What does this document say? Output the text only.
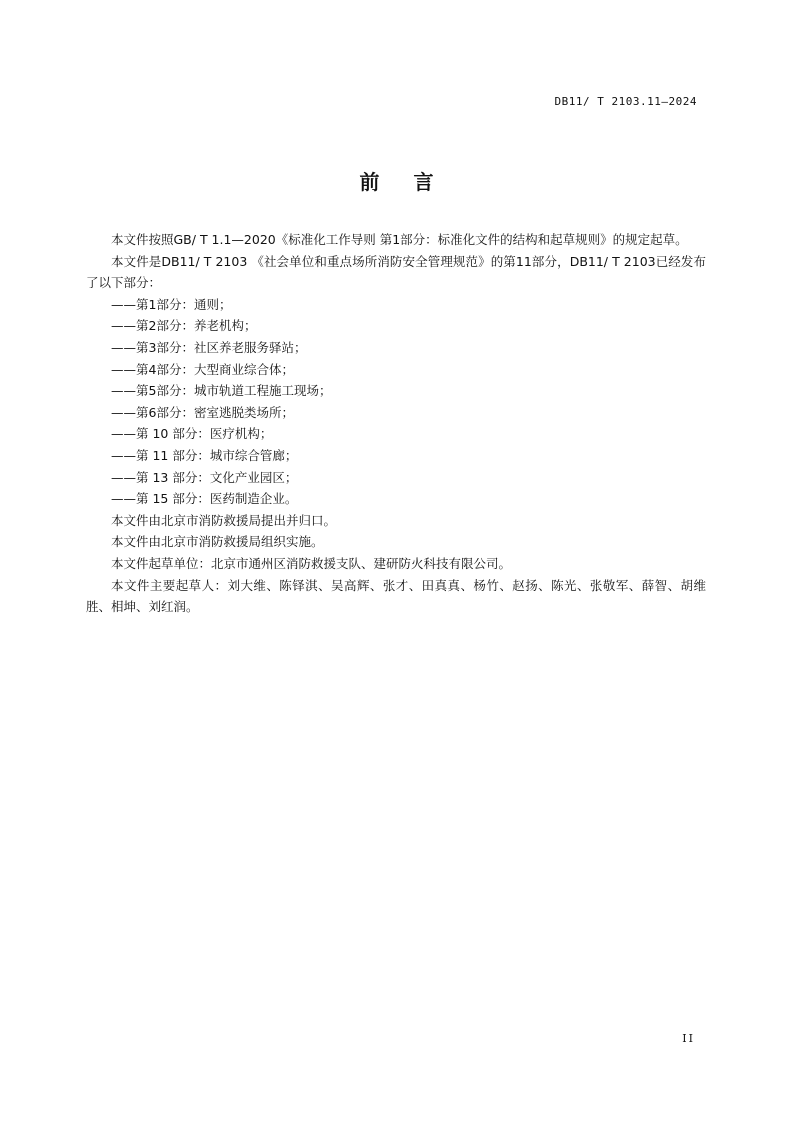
DB11/ T 2103.11—2024
前言

本文件按照GB/ T 1.1—2020《标准化工作导则 第1部分：标准化文件的结构和起草规则》的规定起草。

本文件是DB11/ T 2103 《社会单位和重点场所消防安全管理规范》的第11部分，DB11/ T 2103已经发布了以下部分：

——第1部分：通则；
——第2部分：养老机构；
——第3部分：社区养老服务驿站；
——第4部分：大型商业综合体；
——第5部分：城市轨道工程施工现场；
——第6部分：密室逃脱类场所；
——第 10 部分：医疗机构；
——第 11 部分：城市综合管廊；
——第 13 部分：文化产业园区；
——第 15 部分：医药制造企业。

本文件由北京市消防救援局提出并归口。

本文件由北京市消防救援局组织实施。

本文件起草单位：北京市通州区消防救援支队、建研防火科技有限公司。

本文件主要起草人：刘大维、陈铎淇、吴高辉、张才、田真真、杨竹、赵扬、陈光、张敬军、薛智、胡维胜、相坤、刘红润。

II
